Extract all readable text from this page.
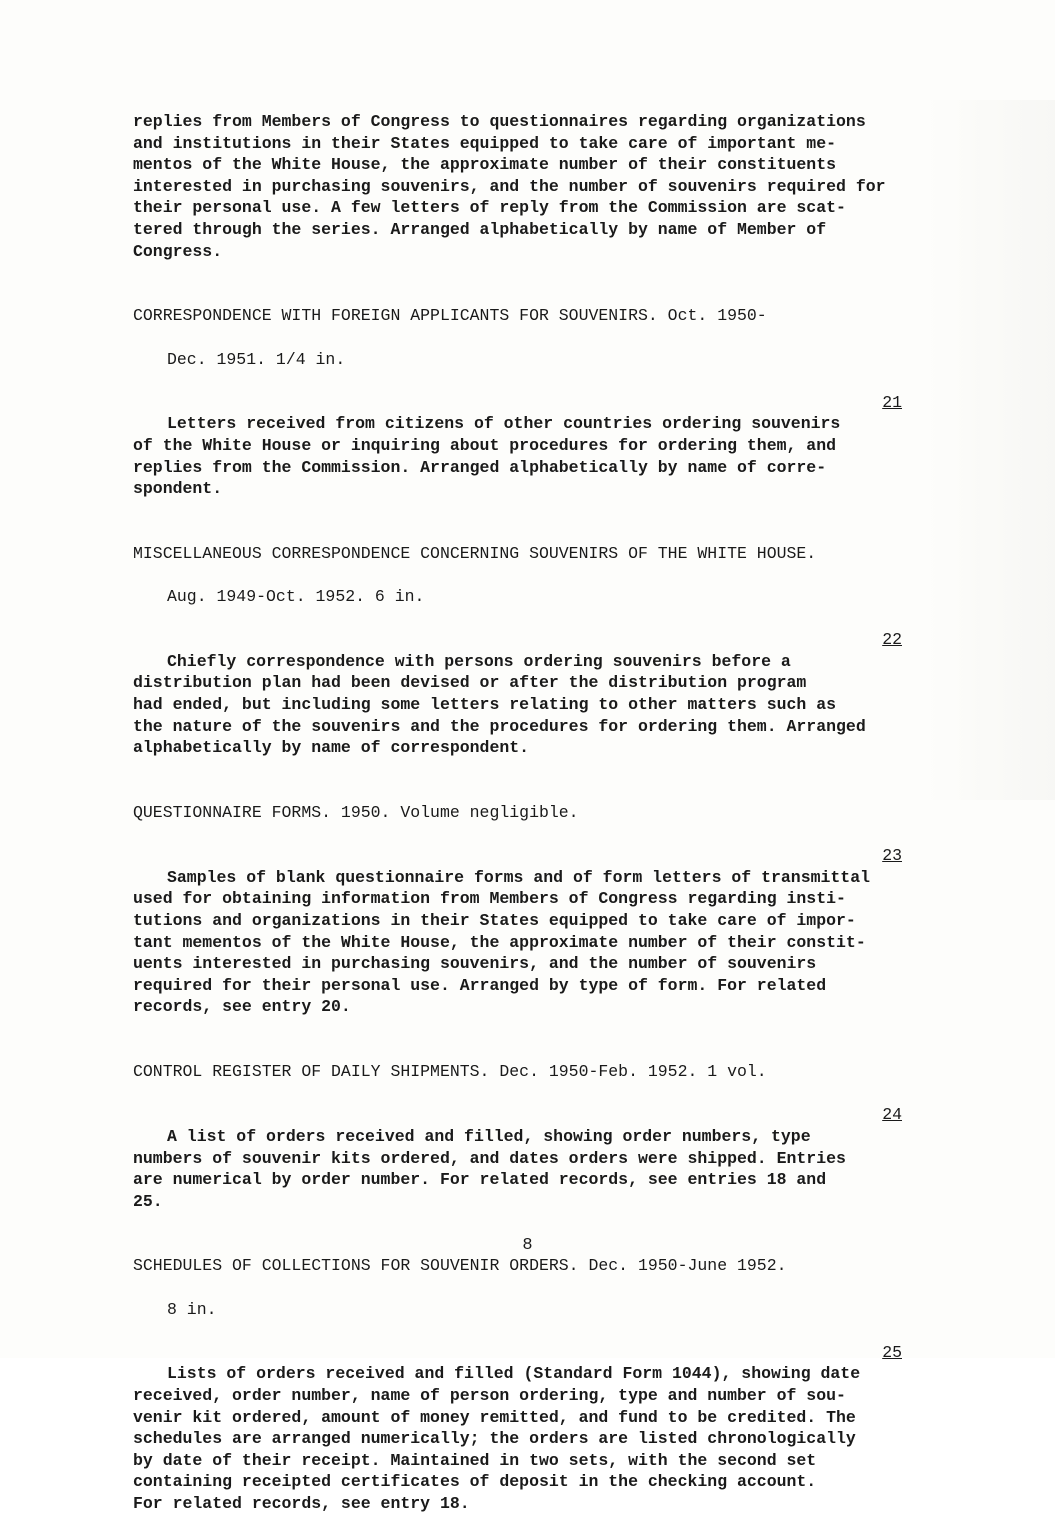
replies from Members of Congress to questionnaires regarding organizations
and institutions in their States equipped to take care of important me-
mentos of the White House, the approximate number of their constituents
interested in purchasing souvenirs, and the number of souvenirs required for
their personal use. A few letters of reply from the Commission are scat-
tered through the series. Arranged alphabetically by name of Member of
Congress.

CORRESPONDENCE WITH FOREIGN APPLICANTS FOR SOUVENIRS. Oct. 1950-

Dec. 1951. 1/4 in.

21

Letters received from citizens of other countries ordering souvenirs
of the White House or inquiring about procedures for ordering them, and
replies from the Commission. Arranged alphabetically by name of corre-
spondent.

MISCELLANEOUS CORRESPONDENCE CONCERNING SOUVENIRS OF THE WHITE HOUSE.

Aug. 1949-Oct. 1952. 6 in.

22

Chiefly correspondence with persons ordering souvenirs before a
distribution plan had been devised or after the distribution program
had ended, but including some letters relating to other matters such as
the nature of the souvenirs and the procedures for ordering them. Arranged
alphabetically by name of correspondent.

QUESTIONNAIRE FORMS. 1950. Volume negligible.

23

Samples of blank questionnaire forms and of form letters of transmittal
used for obtaining information from Members of Congress regarding insti-
tutions and organizations in their States equipped to take care of impor-
tant mementos of the White House, the approximate number of their constit-
uents interested in purchasing souvenirs, and the number of souvenirs
required for their personal use. Arranged by type of form. For related
records, see entry 20.

CONTROL REGISTER OF DAILY SHIPMENTS. Dec. 1950-Feb. 1952. 1 vol.

24

A list of orders received and filled, showing order numbers, type
numbers of souvenir kits ordered, and dates orders were shipped. Entries
are numerical by order number. For related records, see entries 18 and
25.

SCHEDULES OF COLLECTIONS FOR SOUVENIR ORDERS. Dec. 1950-June 1952.

8 in.

25

Lists of orders received and filled (Standard Form 1044), showing date
received, order number, name of person ordering, type and number of sou-
venir kit ordered, amount of money remitted, and fund to be credited. The
schedules are arranged numerically; the orders are listed chronologically
by date of their receipt. Maintained in two sets, with the second set
containing receipted certificates of deposit in the checking account.
For related records, see entry 18.
8
